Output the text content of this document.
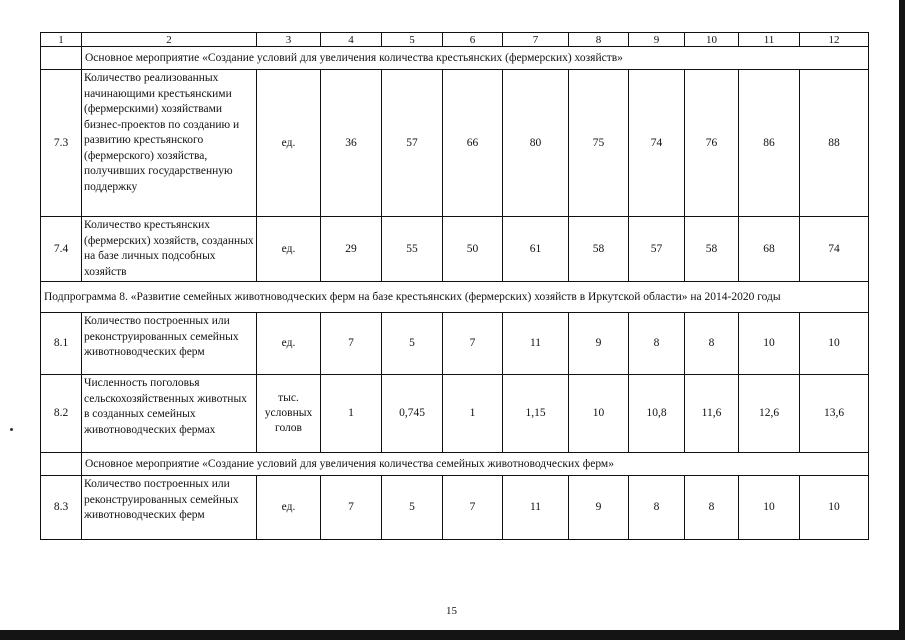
1	2	3	4	5	6	7	8	9	10	11	12
	Основное мероприятие «Создание условий для увеличения количества крестьянских (фермерских) хозяйств»										
7.3	Количество реализованных начинающими крестьянскими (фермерскими) хозяйствами бизнес-проектов по созданию и развитию крестьянского (фермерского) хозяйства, получивших государственную поддержку	ед.	36	57	66	80	75	74	76	86	88
7.4	Количество крестьянских (фермерских) хозяйств, созданных на базе личных подсобных хозяйств	ед.	29	55	50	61	58	57	58	68	74
Подпрограмма 8. «Развитие семейных животноводческих ферм на базе крестьянских (фермерских) хозяйств в Иркутской области» на 2014-2020 годы											
8.1	Количество построенных или реконструированных семейных животноводческих ферм	ед.	7	5	7	11	9	8	8	10	10
8.2	Численность поголовья сельскохозяйственных животных в созданных семейных животноводческих фермах	тыс. условных голов	1	0,745	1	1,15	10	10,8	11,6	12,6	13,6
	Основное мероприятие «Создание условий для увеличения количества семейных животноводческих ферм»										
8.3	Количество построенных или реконструированных семейных животноводческих ферм	ед.	7	5	7	11	9	8	8	10	10
15
